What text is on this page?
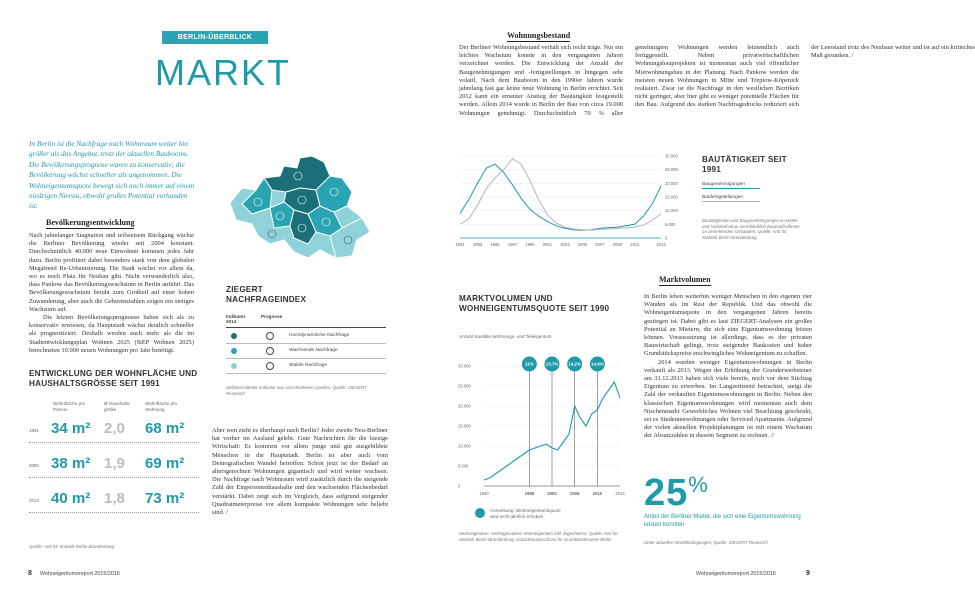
BERLIN-ÜBERBLICK
MARKT
In Berlin ist die Nachfrage nach Wohnraum weiter hin größer als das Angebot, trotz der aktuellen Baubooms. Die Bevölkerungsprognose waren zu konservativ; die Bevölkerung wächst schneller als angenommen. Die Wohneigentumsquote bewegt sich noch immer auf einem niedrigen Niveau, obwohl großes Potential vorhanden ist.
Bevölkerungsentwicklung

Nach jahrelanger Stagnation und teilweisem Rückgang wächst die Berliner Bevölkerung wieder seit 2004 konstant. Durchschnittlich 40.000 neue Einwohner kommen jedes Jahr dazu. Berlin profitiert dabei besonders stark von dem globalen Megatrend Re-Urbanisierung. Die Stadt wächst vor allem da, wo es noch Platz für Neubau gibt. Nicht verwunderlich also, dass Pankow das Bevölkerungswachstum in Berlin anführt. Das Bevölkerungswachstum beruht zum Großteil auf einer hohen Zuwanderung, aber auch die Geburtenzahlen zeigen ein stetiges Wachstum auf.

Die letzten Bevölkerungsprognosen haben sich als zu konservativ erwiesen, da Hauptstadt wächst deutlich schneller als prognostiziert. Deshalb werden auch mehr als die im Stadtentwicklungsplan Wohnen 2025 (StEP Wohnen 2025) berechneten 10.000 neuen Wohnungen pro Jahr benötigt.

ZIEGERT NACHFRAGEINDEX
Indikator 2014
Prognose
Hochdynamische Nachfrage
Wachsende Nachfrage
Stabile Nachfrage
Selbstermittelter Indikator aus verschiedenen Quellen; Quelle: ZIEGERT Research
ENTWICKLUNG DER WOHNFLÄCHE UND HAUSHALTSGRÖSSE SEIT 1991
Wohnfläche pro Person
Ø Haushalts-größe
Wohnfläche pro Wohnung
1991 34 m² 2,0 68 m²
2000 38 m² 1,9 69 m²
2013 40 m² 1,8 73 m²
Quelle: Amt für Statistik Berlin-Brandenburg
Aber wen zieht es überhaupt nach Berlin? Jeder zweite Neu-Berliner hat vorher im Ausland gelebt. Gute Nachrichten für die hiesige Wirtschaft: Es kommen vor allem junge und gut ausgebildete Menschen in die Hauptstadt. Berlin ist aber auch vom Demografischen Wandel betroffen. Schon jetzt ist der Bedarf an altersgerechten Wohnungen gigantisch und wird weiter wachsen. Die Nachfrage nach Wohnraum wird zusätzlich durch die steigende Zahl der Einpersonenhaushalte und den wachsenden Flächenbedarf verstärkt. Dabei zeigt sich im Vergleich, dass aufgrund steigender Quadratmeterpreise vor allem kompakte Wohnungen sehr beliebt sind. /
8 Wohneigentumsreport 2015/2016
Wohnungsbestand
Der Berliner Wohnungsbestand verhält sich recht träge. Nur ein leichtes Wachstum konnte in den vergangenen Jahren verzeichnet werden. Die Entwicklung der Anzahl der Baugenehmigungen und -fertigstellungen in hingegen sehr volatil. Nach dem Bauboom in den 1990er Jahren wurde jahrelang fast gar keine neue Wohnung in Berlin errichtet. Seit 2012 kann ein erneuter Anstieg der Bautätigkeit festgestellt werden. Allein 2014 wurde in Berlin der Bau von circa 19.000 Wohnungen genehmigt. Durchschnittlich 70 % aller genehmigten Wohnungen werden letztendlich auch fertiggestellt. Neben privatwirtschaftlichen Wohnungsbauprojekten ist momentan auch viel öffentlicher Mietwohnungsbau in der Planung. Nach Pankow werden die meisten neuen Wohnungen in Mitte und Treptow-Köpenick realisiert. Zwar ist die Nachfrage in den westlichen Bezirken nicht geringer, aber hier gibt es weniger potentielle Flächen für den Bau. Aufgrund des starken Nachfragedrucks reduziert sich der Leerstand trotz des Neubaus weiter und ist auf ein kritisches Maß gesunken. /
0
5.000
10.000
15.000
20.000
25.000
30.000
1991 1993 1995 1997 1999 2001 2003 2005 2007 2009 2011	2014
BAUTÄTIGKEIT SEIT 1991
Baugenehmigungen
Baufertigstellungen
Bautätigkeiten und Baugenehmigungen im Wohn- und Nichtwohnbau einschließlich Baumaßnahmen an bestehenden Gebäuden; Quelle: Amt für Statistik Berlin-Brandenburg
MARKTVOLUMEN UND WOHNEIGENTUMSQUOTE SEIT 1990
Anzahl Kaufälle Wohnungs- und Teileigentum
0
5.000
10.000
15.000
20.000
25.000
30.000
1990	1998	2002	2006	2010	2014
11%	13,7% 14,2% 14,9%
Anmerkung: Wohneigentumsquote wird nicht jährlich erhoben
Wohneigentum: Selbstgenutztes Wohneigentum inkl. Eigenheime; Quelle: Amt für Statistik Berlin-Brandenburg; Gutachterausschuss für Grundstückswerte Berlin
Marktvolumen

In Berlin leben weiterhin weniger Menschen in den eigenen vier Wänden als im Rest der Republik. Und das obwohl die Wohneigentumsquote in den vergangenen Jahren bereits gestiegen ist. Dabei gibt es laut ZIEGERT-Analysen ein großes Potential an Mietern, die sich eine Eigentumswohnung leisten können. Voraussetzung ist allerdings, dass es der privaten Bauwirtschaft gelingt, trotz steigender Baukosten und hoher Grundstückspreise erschwingliches Wohneigentum zu schaffen.

2014 wurden weniger Eigentumswohnungen in Berlin verkauft als 2013. Wegen der Erhöhung der Grunderwerbsteuer am 31.12.2013 haben sich viele bereits, noch vor dem Stichtag Eigentum zu erwerben. Im Langzeittrend betrachtet, steigt die Zahl der verkauften Eigentumswohnungen in Berlin. Neben den klassischen Eigentumswohnungen wird momentan auch dem Nischenmarkt Gewerbliches Wohnen viel Beachtung geschenkt, sei es Studentenwohnungen oder Serviced Apartments. Aufgrund der vielen aktuellen Projektplanungen ist mit einem Wachstum der Absatzzahlen in diesem Segment zu rechnen. //

25%
Anteil der Berliner Mieter, die sich eine Eigentumswohnung leisten konnten
Unter aktuellen Marktbedingungen; Quelle: ZIEGERT Research
Wohneigentumsreport 2015/2016	9
